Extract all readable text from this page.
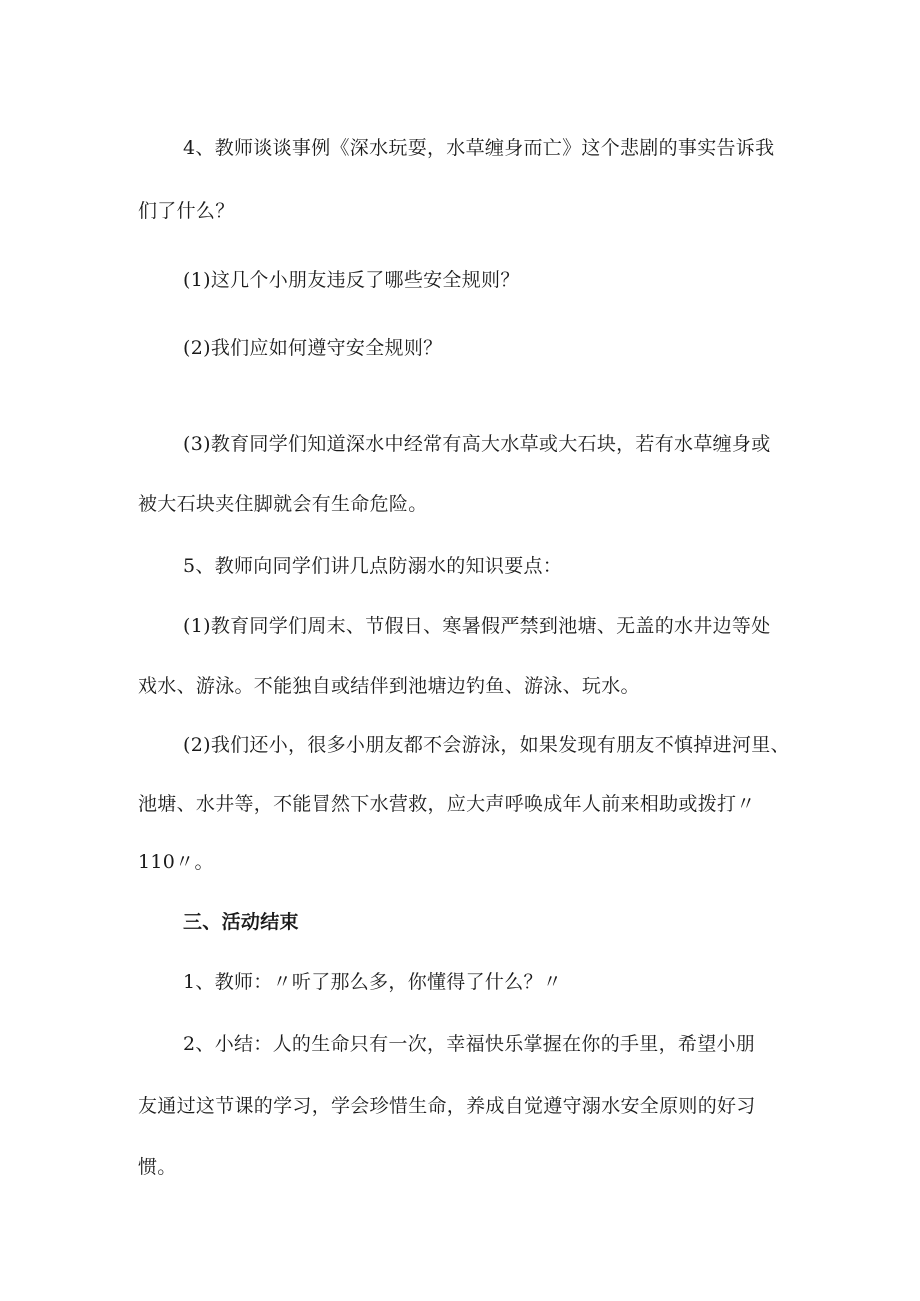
4、教师谈谈事例《深水玩耍，水草缠身而亡》这个悲剧的事实告诉我
们了什么？
(1)这几个小朋友违反了哪些安全规则？
(2)我们应如何遵守安全规则？
(3)教育同学们知道深水中经常有高大水草或大石块，若有水草缠身或
被大石块夹住脚就会有生命危险。
5、教师向同学们讲几点防溺水的知识要点：
(1)教育同学们周末、节假日、寒暑假严禁到池塘、无盖的水井边等处
戏水、游泳。不能独自或结伴到池塘边钓鱼、游泳、玩水。
(2)我们还小，很多小朋友都不会游泳，如果发现有朋友不慎掉进河里、
池塘、水井等，不能冒然下水营救，应大声呼唤成年人前来相助或拨打〃
110〃。
三、活动结束
1、教师：〃听了那么多，你懂得了什么？〃
2、小结：人的生命只有一次，幸福快乐掌握在你的手里，希望小朋
友通过这节课的学习，学会珍惜生命，养成自觉遵守溺水安全原则的好习
惯。
